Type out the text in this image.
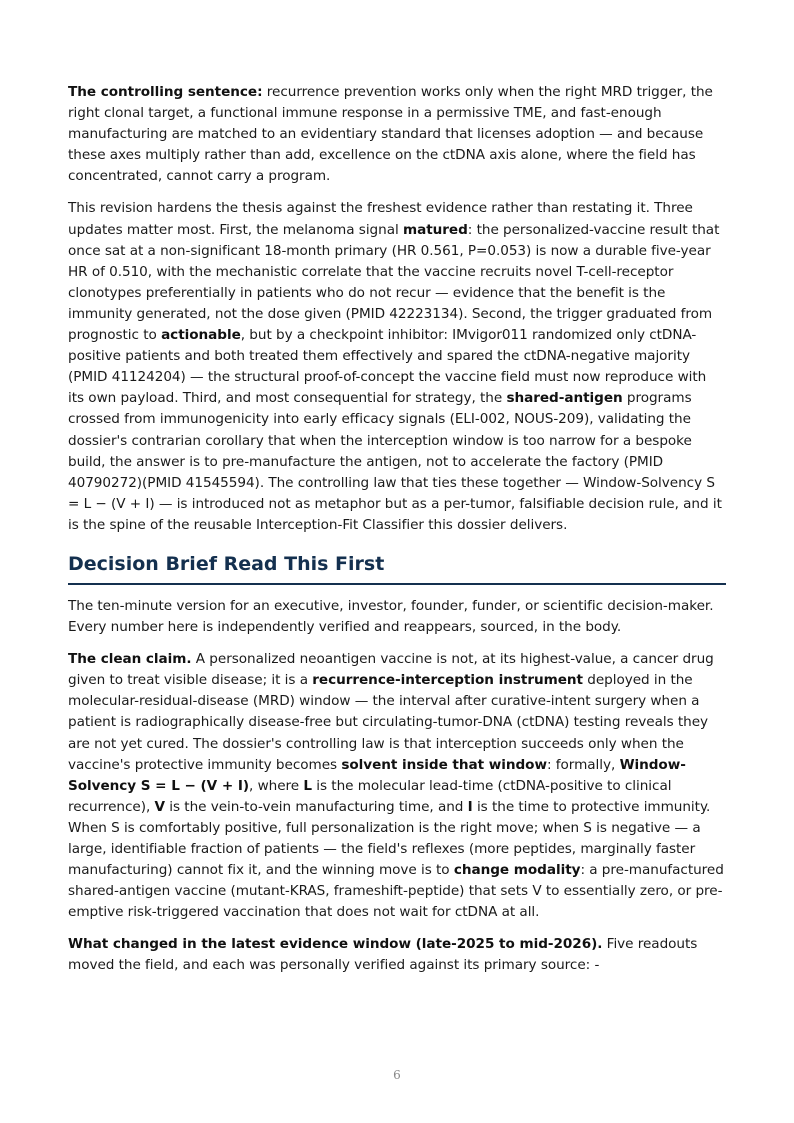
The controlling sentence: recurrence prevention works only when the right MRD trigger, the right clonal target, a functional immune response in a permissive TME, and fast-enough manufacturing are matched to an evidentiary standard that licenses adoption — and because these axes multiply rather than add, excellence on the ctDNA axis alone, where the field has concentrated, cannot carry a program.

This revision hardens the thesis against the freshest evidence rather than restating it. Three updates matter most. First, the melanoma signal matured: the personalized-vaccine result that once sat at a non-significant 18-month primary (HR 0.561, P=0.053) is now a durable five-year HR of 0.510, with the mechanistic correlate that the vaccine recruits novel T-cell-receptor clonotypes preferentially in patients who do not recur — evidence that the benefit is the immunity generated, not the dose given (PMID 42223134). Second, the trigger graduated from prognostic to actionable, but by a checkpoint inhibitor: IMvigor011 randomized only ctDNA-positive patients and both treated them effectively and spared the ctDNA-negative majority (PMID 41124204) — the structural proof-of-concept the vaccine field must now reproduce with its own payload. Third, and most consequential for strategy, the shared-antigen programs crossed from immunogenicity into early efficacy signals (ELI-002, NOUS-209), validating the dossier's contrarian corollary that when the interception window is too narrow for a bespoke build, the answer is to pre-manufacture the antigen, not to accelerate the factory (PMID 40790272)(PMID 41545594). The controlling law that ties these together — Window-Solvency S = L − (V + I) — is introduced not as metaphor but as a per-tumor, falsifiable decision rule, and it is the spine of the reusable Interception-Fit Classifier this dossier delivers.

Decision Brief Read This First

The ten-minute version for an executive, investor, founder, funder, or scientific decision-maker. Every number here is independently verified and reappears, sourced, in the body.

The clean claim. A personalized neoantigen vaccine is not, at its highest-value, a cancer drug given to treat visible disease; it is a recurrence-interception instrument deployed in the molecular-residual-disease (MRD) window — the interval after curative-intent surgery when a patient is radiographically disease-free but circulating-tumor-DNA (ctDNA) testing reveals they are not yet cured. The dossier's controlling law is that interception succeeds only when the vaccine's protective immunity becomes solvent inside that window: formally, Window-Solvency S = L − (V + I), where L is the molecular lead-time (ctDNA-positive to clinical recurrence), V is the vein-to-vein manufacturing time, and I is the time to protective immunity. When S is comfortably positive, full personalization is the right move; when S is negative — a large, identifiable fraction of patients — the field's reflexes (more peptides, marginally faster manufacturing) cannot fix it, and the winning move is to change modality: a pre-manufactured shared-antigen vaccine (mutant-KRAS, frameshift-peptide) that sets V to essentially zero, or pre-emptive risk-triggered vaccination that does not wait for ctDNA at all.

What changed in the latest evidence window (late-2025 to mid-2026). Five readouts moved the field, and each was personally verified against its primary source: -

6
